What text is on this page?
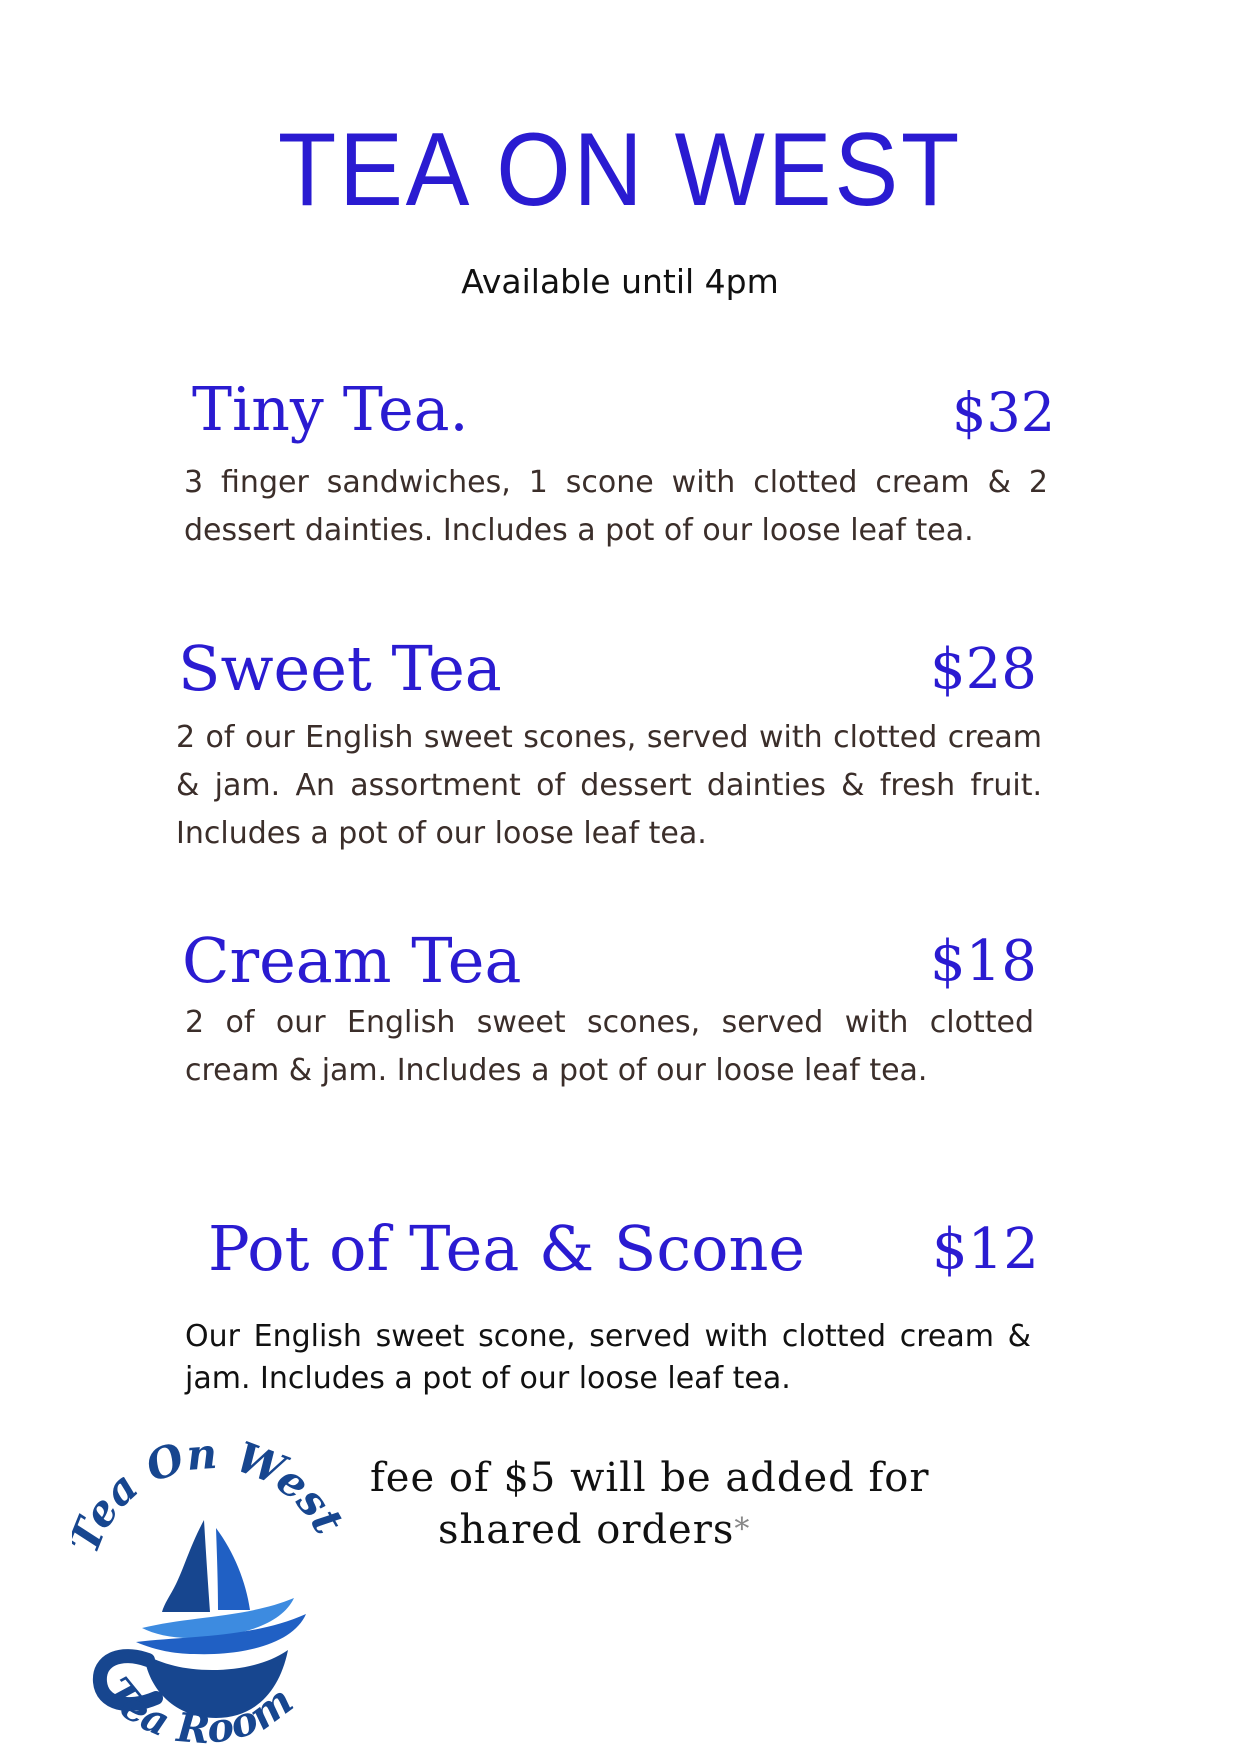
TEA ON WEST
Available until 4pm
Tiny Tea.	$32
3 finger sandwiches, 1 scone with clotted cream & 2 dessert dainties. Includes a pot of our loose leaf tea.
Sweet Tea	$28
2 of our English sweet scones, served with clotted cream & jam. An assortment of dessert dainties & fresh fruit. Includes a pot of our loose leaf tea.
Cream Tea	$18
2 of our English sweet scones, served with clotted cream & jam. Includes a pot of our loose leaf tea.
Pot of Tea & Scone $12
Our English sweet scone, served with clotted cream & jam. Includes a pot of our loose leaf tea.
fee of $5 will be added for
shared orders*
ea On West
Tea Room
